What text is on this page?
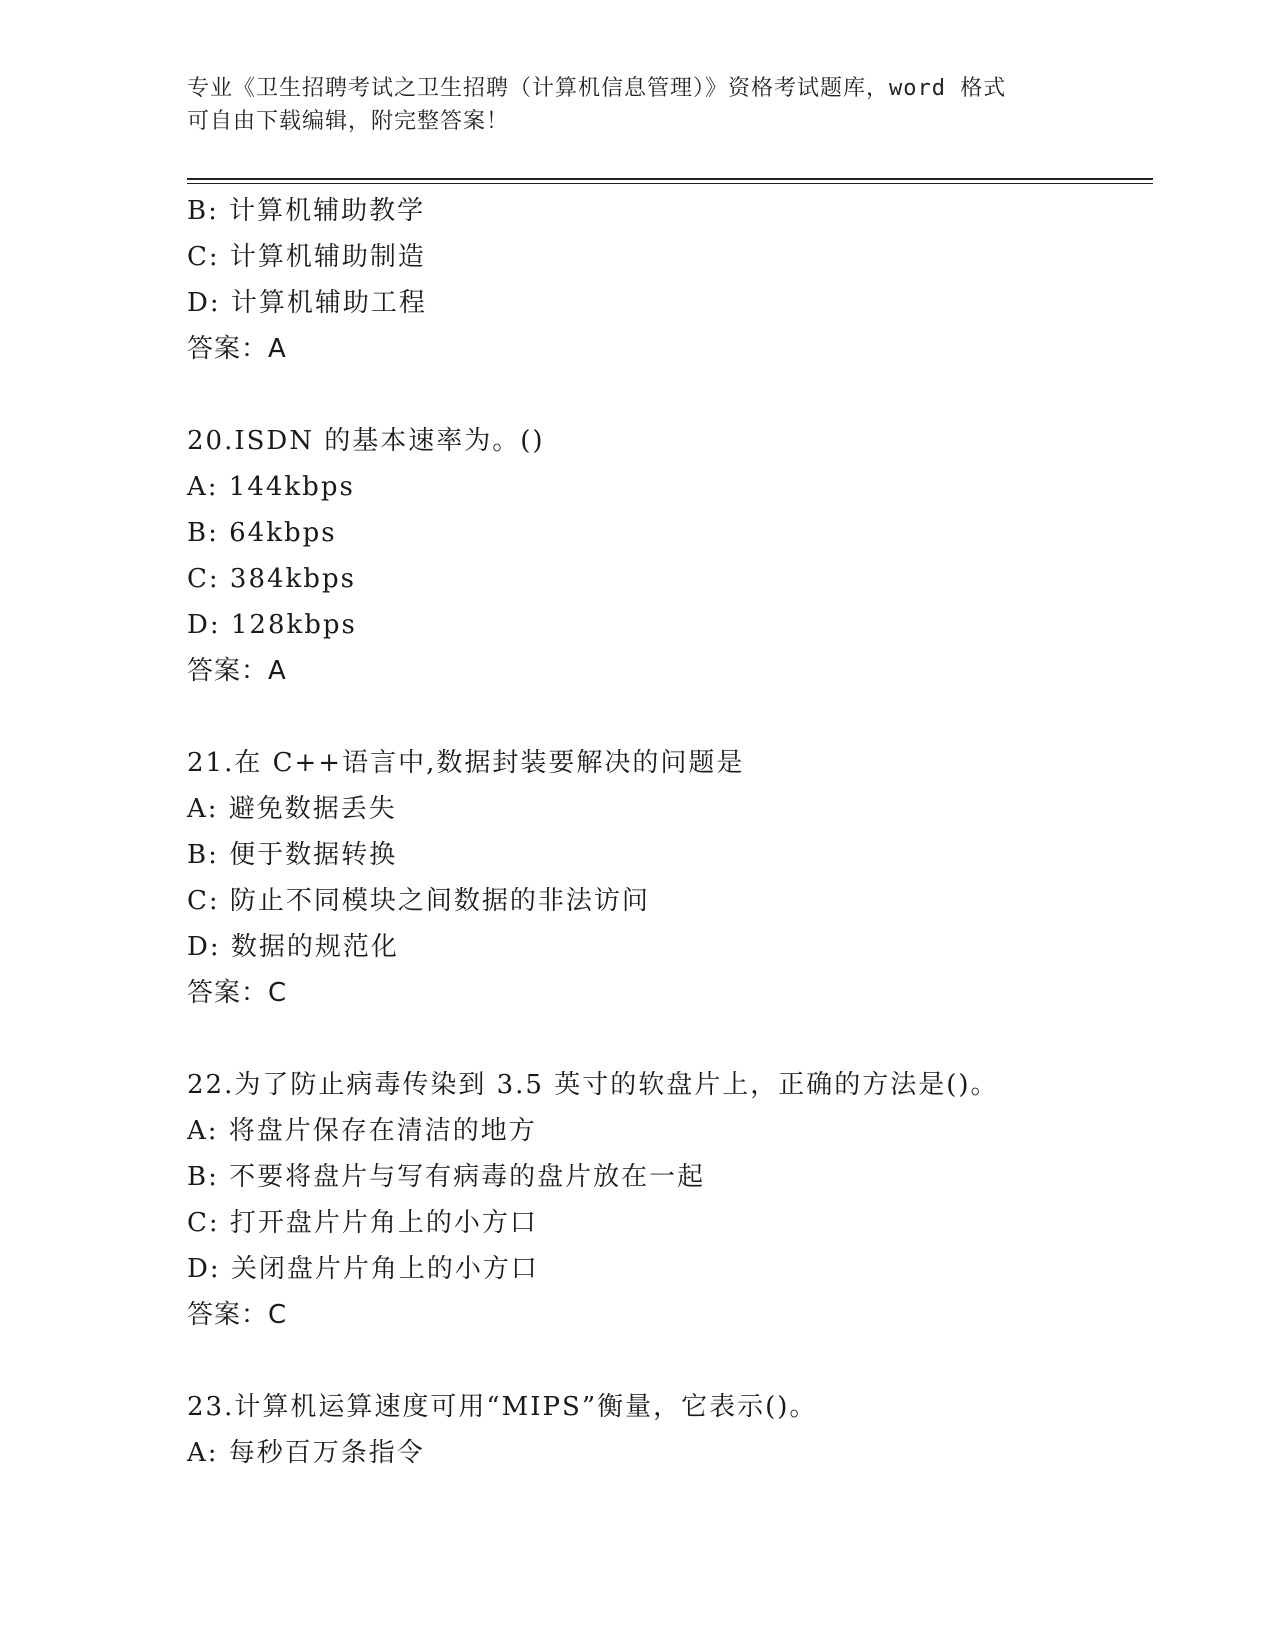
专业《卫生招聘考试之卫生招聘（计算机信息管理）》资格考试题库，word 格式
可自由下载编辑，附完整答案！
B: 计算机辅助教学
C: 计算机辅助制造
D: 计算机辅助工程
答案：A
20.ISDN 的基本速率为。()
A: 144kbps
B: 64kbps
C: 384kbps
D: 128kbps
答案：A
21.在 C++语言中,数据封装要解决的问题是
A: 避免数据丢失
B: 便于数据转换
C: 防止不同模块之间数据的非法访问
D: 数据的规范化
答案：C
22.为了防止病毒传染到 3.5 英寸的软盘片上，正确的方法是()。
A: 将盘片保存在清洁的地方
B: 不要将盘片与写有病毒的盘片放在一起
C: 打开盘片片角上的小方口
D: 关闭盘片片角上的小方口
答案：C
23.计算机运算速度可用“MIPS”衡量，它表示()。
A: 每秒百万条指令
